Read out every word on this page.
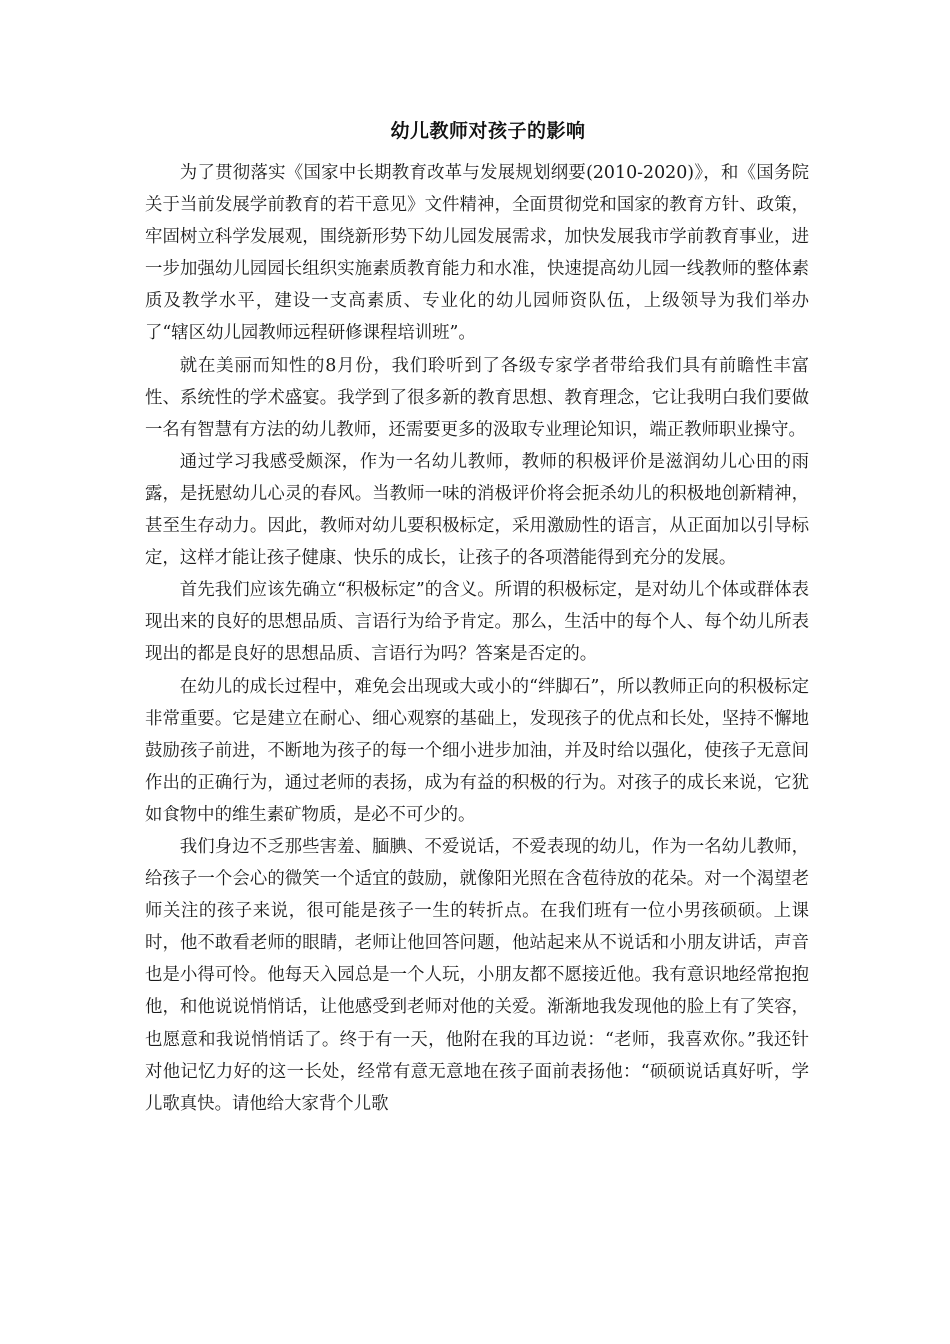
幼儿教师对孩子的影响

为了贯彻落实《国家中长期教育改革与发展规划纲要(2010-2020)》，和《国务院关于当前发展学前教育的若干意见》文件精神，全面贯彻党和国家的教育方针、政策，牢固树立科学发展观，围绕新形势下幼儿园发展需求，加快发展我市学前教育事业，进一步加强幼儿园园长组织实施素质教育能力和水准，快速提高幼儿园一线教师的整体素质及教学水平，建设一支高素质、专业化的幼儿园师资队伍，上级领导为我们举办了“辖区幼儿园教师远程研修课程培训班”。

就在美丽而知性的8月份，我们聆听到了各级专家学者带给我们具有前瞻性丰富性、系统性的学术盛宴。我学到了很多新的教育思想、教育理念，它让我明白我们要做一名有智慧有方法的幼儿教师，还需要更多的汲取专业理论知识，端正教师职业操守。

通过学习我感受颇深，作为一名幼儿教师，教师的积极评价是滋润幼儿心田的雨露，是抚慰幼儿心灵的春风。当教师一味的消极评价将会扼杀幼儿的积极地创新精神，甚至生存动力。因此，教师对幼儿要积极标定，采用激励性的语言，从正面加以引导标定，这样才能让孩子健康、快乐的成长，让孩子的各项潜能得到充分的发展。

首先我们应该先确立“积极标定”的含义。所谓的积极标定，是对幼儿个体或群体表现出来的良好的思想品质、言语行为给予肯定。那么，生活中的每个人、每个幼儿所表现出的都是良好的思想品质、言语行为吗？答案是否定的。

在幼儿的成长过程中，难免会出现或大或小的“绊脚石”，所以教师正向的积极标定非常重要。它是建立在耐心、细心观察的基础上，发现孩子的优点和长处，坚持不懈地鼓励孩子前进，不断地为孩子的每一个细小进步加油，并及时给以强化，使孩子无意间作出的正确行为，通过老师的表扬，成为有益的积极的行为。对孩子的成长来说，它犹如食物中的维生素矿物质，是必不可少的。

我们身边不乏那些害羞、腼腆、不爱说话，不爱表现的幼儿，作为一名幼儿教师，给孩子一个会心的微笑一个适宜的鼓励，就像阳光照在含苞待放的花朵。对一个渴望老师关注的孩子来说，很可能是孩子一生的转折点。在我们班有一位小男孩硕硕。上课时，他不敢看老师的眼睛，老师让他回答问题，他站起来从不说话和小朋友讲话，声音也是小得可怜。他每天入园总是一个人玩，小朋友都不愿接近他。我有意识地经常抱抱他，和他说说悄悄话，让他感受到老师对他的关爱。渐渐地我发现他的脸上有了笑容，也愿意和我说悄悄话了。终于有一天，他附在我的耳边说：“老师，我喜欢你。”我还针对他记忆力好的这一长处，经常有意无意地在孩子面前表扬他：“硕硕说话真好听，学儿歌真快。请他给大家背个儿歌
